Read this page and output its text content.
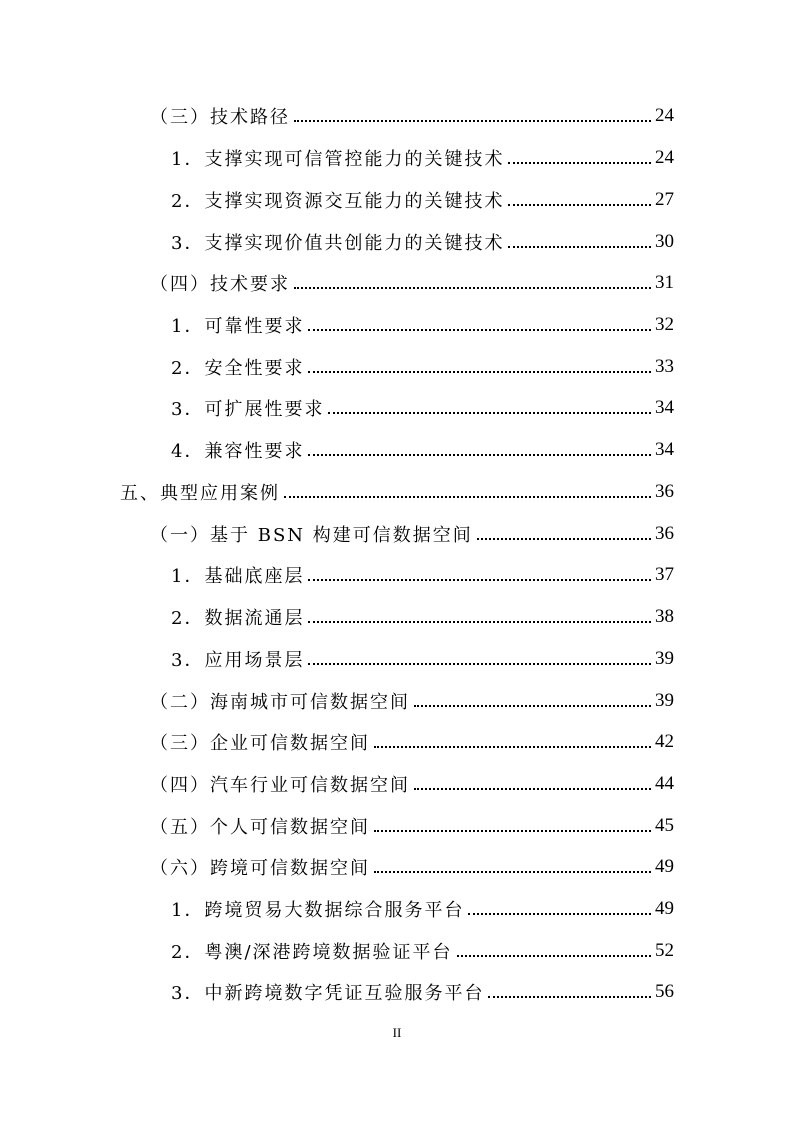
（三）技术路径	24
1．支撑实现可信管控能力的关键技术	24
2．支撑实现资源交互能力的关键技术	27
3．支撑实现价值共创能力的关键技术	30
（四）技术要求	31
1．可靠性要求	32
2．安全性要求	33
3．可扩展性要求	34
4．兼容性要求	34
五、典型应用案例	36
（一）基于 BSN 构建可信数据空间	36
1．基础底座层	37
2．数据流通层	38
3．应用场景层	39
（二）海南城市可信数据空间	39
（三）企业可信数据空间	42
（四）汽车行业可信数据空间	44
（五）个人可信数据空间	45
（六）跨境可信数据空间	49
1．跨境贸易大数据综合服务平台	49
2．粤澳/深港跨境数据验证平台	52
3．中新跨境数字凭证互验服务平台	56
II
